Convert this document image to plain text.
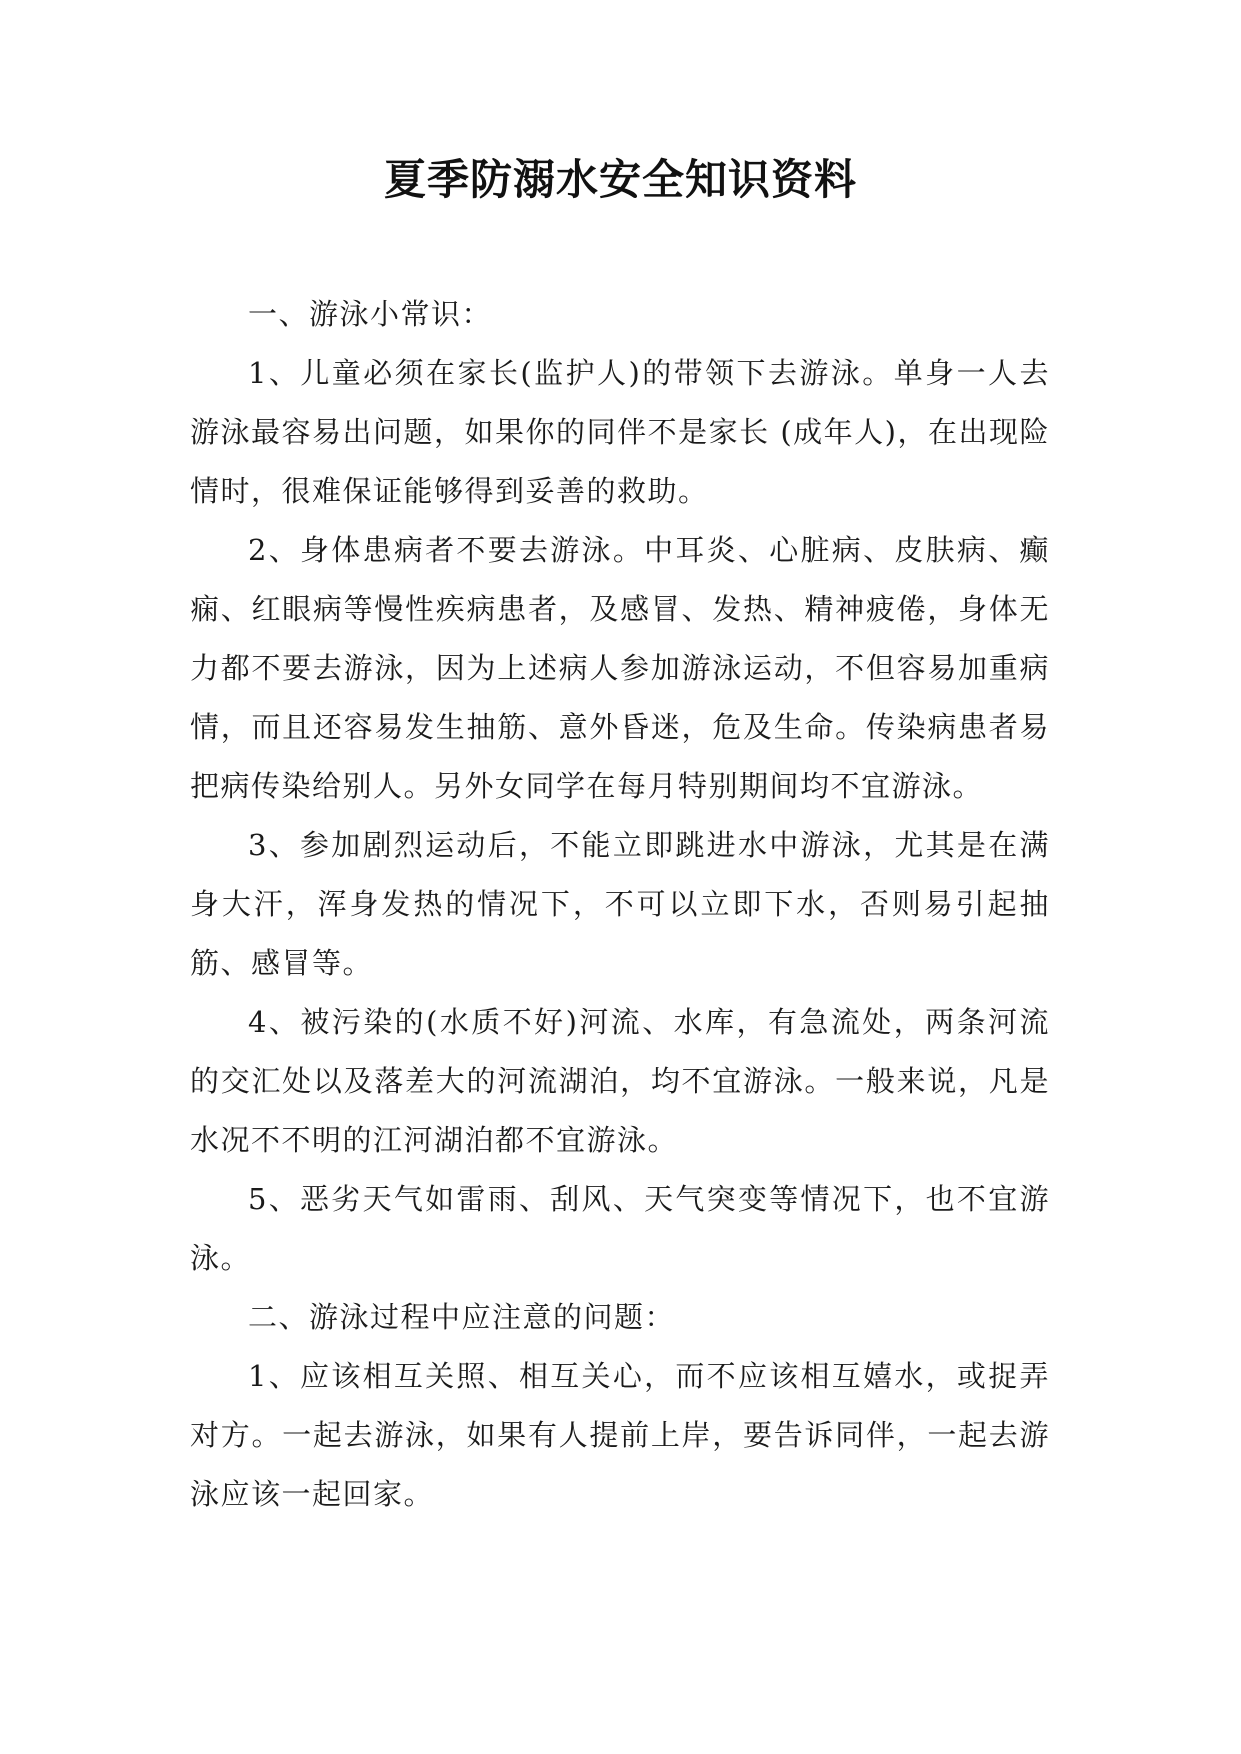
夏季防溺水安全知识资料

一、游泳小常识：

1、儿童必须在家长(监护人)的带领下去游泳。单身一人去游泳最容易出问题，如果你的同伴不是家长 (成年人)，在出现险情时，很难保证能够得到妥善的救助。

2、身体患病者不要去游泳。中耳炎、心脏病、皮肤病、癫痫、红眼病等慢性疾病患者，及感冒、发热、精神疲倦，身体无力都不要去游泳，因为上述病人参加游泳运动，不但容易加重病情，而且还容易发生抽筋、意外昏迷，危及生命。传染病患者易把病传染给别人。另外女同学在每月特别期间均不宜游泳。

3、参加剧烈运动后，不能立即跳进水中游泳，尤其是在满身大汗，浑身发热的情况下，不可以立即下水，否则易引起抽筋、感冒等。

4、被污染的(水质不好)河流、水库，有急流处，两条河流的交汇处以及落差大的河流湖泊，均不宜游泳。一般来说，凡是水况不不明的江河湖泊都不宜游泳。

5、恶劣天气如雷雨、刮风、天气突变等情况下，也不宜游泳。

二、游泳过程中应注意的问题：

1、应该相互关照、相互关心，而不应该相互嬉水，或捉弄对方。一起去游泳，如果有人提前上岸，要告诉同伴，一起去游泳应该一起回家。
